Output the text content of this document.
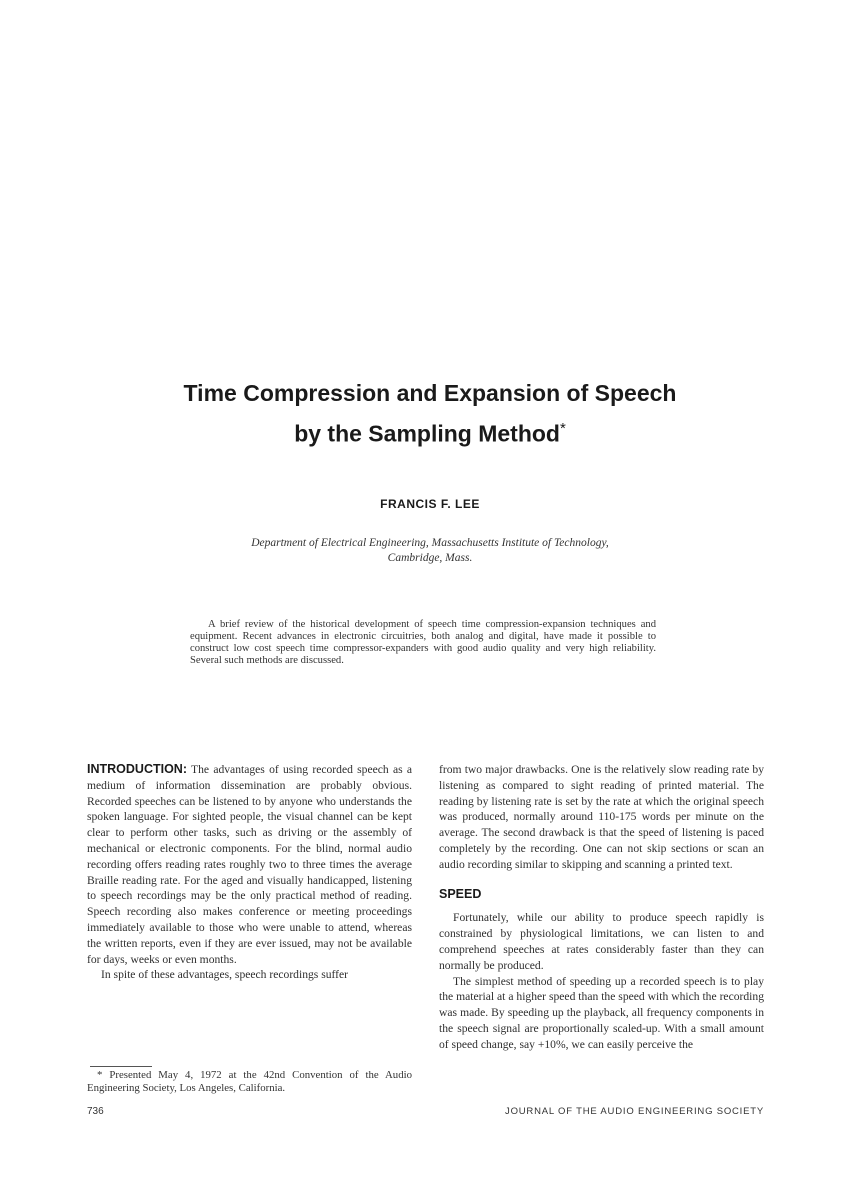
Time Compression and Expansion of Speech
by the Sampling Method*
FRANCIS F. LEE
Department of Electrical Engineering, Massachusetts Institute of Technology,
Cambridge, Mass.
A brief review of the historical development of speech time compression-expansion techniques and equipment. Recent advances in electronic circuitries, both analog and digital, have made it possible to construct low cost speech time compressor-expanders with good audio quality and very high reliability. Several such methods are discussed.

INTRODUCTION: The advantages of using recorded speech as a medium of information dissemination are probably obvious. Recorded speeches can be listened to by anyone who understands the spoken language. For sighted people, the visual channel can be kept clear to perform other tasks, such as driving or the assembly of mechanical or electronic components. For the blind, normal audio recording offers reading rates roughly two to three times the average Braille reading rate. For the aged and visually handicapped, listening to speech recordings may be the only practical method of reading. Speech recording also makes conference or meeting proceedings immediately available to those who were unable to attend, whereas the written reports, even if they are ever issued, may not be available for days, weeks or even months.

In spite of these advantages, speech recordings suffer

from two major drawbacks. One is the relatively slow reading rate by listening as compared to sight reading of printed material. The reading by listening rate is set by the rate at which the original speech was produced, normally around 110-175 words per minute on the average. The second drawback is that the speed of listening is paced completely by the recording. One can not skip sections or scan an audio recording similar to skipping and scanning a printed text.

SPEED

Fortunately, while our ability to produce speech rapidly is constrained by physiological limitations, we can listen to and comprehend speeches at rates considerably faster than they can normally be produced.

The simplest method of speeding up a recorded speech is to play the material at a higher speed than the speed with which the recording was made. By speeding up the playback, all frequency components in the speech signal are proportionally scaled-up. With a small amount of speed change, say +10%, we can easily perceive the

* Presented May 4, 1972 at the 42nd Convention of the Audio Engineering Society, Los Angeles, California.
736	JOURNAL OF THE AUDIO ENGINEERING SOCIETY
